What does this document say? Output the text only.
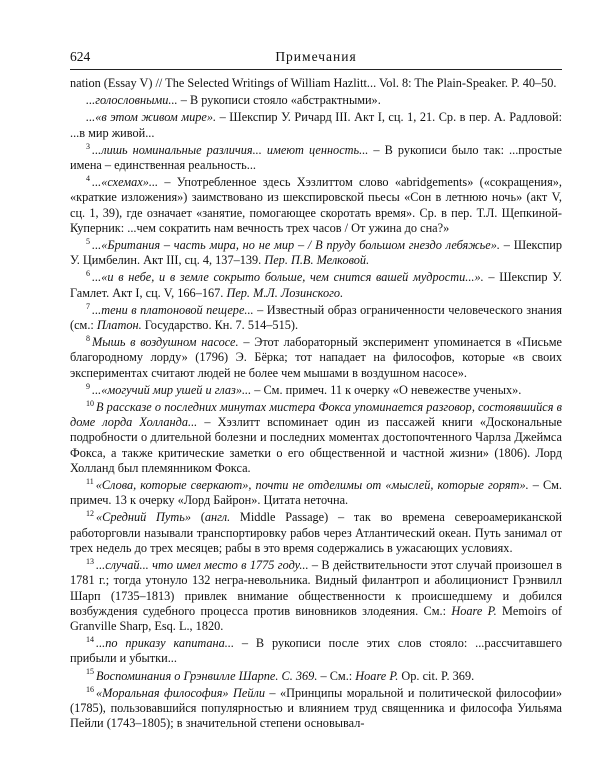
624	Примечания

nation (Essay V) // The Selected Writings of William Hazlitt... Vol. 8: The Plain-Speaker. P. 40–50.

...голословными... – В рукописи стояло «абстрактными».

...«в этом живом мире». – Шекспир У. Ричард III. Акт I, сц. 1, 21. Ср. в пер. А. Радловой: ...в мир живой...

$^3$ ...лишь номинальные различия... имеют ценность... – В рукописи было так: ...простые имена – единственная реальность...

$^4$ ...«схемах»... – Употребленное здесь Хэзлиттом слово «abridgements» («сокращения», «краткие изложения») заимствовано из шекспировской пьесы «Сон в летнюю ночь» (акт V, сц. 1, 39), где означает «занятие, помогающее скоротать время». Ср. в пер. Т.Л. Щепкиной-Куперник: ...чем сократить нам вечность трех часов / От ужина до сна?»

$^5$ ...«Британия – часть мира, но не мир – / В пруду большом гнездо лебяжье». – Шекспир У. Цимбелин. Акт III, сц. 4, 137–139. Пер. П.В. Мелковой.

$^6$ ...«и в небе, и в земле сокрыто больше, чем снится вашей мудрости...». – Шекспир У. Гамлет. Акт I, сц. V, 166–167. Пер. М.Л. Лозинского.

$^7$ ...тени в платоновой пещере... – Известный образ ограниченности человеческого знания (см.: Платон. Государство. Кн. 7. 514–515).

$^8$ Мышь в воздушном насосе. – Этот лабораторный эксперимент упоминается в «Письме благородному лорду» (1796) Э. Бёрка; тот нападает на философов, которые «в своих экспериментах считают людей не более чем мышами в воздушном насосе».

$^9$ ...«могучий мир ушей и глаз»... – См. примеч. 11 к очерку «О невежестве ученых».

$^{10}$ В рассказе о последних минутах мистера Фокса упоминается разговор, состоявшийся в доме лорда Холланда... – Хэзлитт вспоминает один из пассажей книги «Доскональные подробности о длительной болезни и последних моментах достопочтенного Чарлза Джеймса Фокса, а также критические заметки о его общественной и частной жизни» (1806). Лорд Холланд был племянником Фокса.

$^{11}$ «Слова, которые сверкают», почти не отделимы от «мыслей, которые горят». – См. примеч. 13 к очерку «Лорд Байрон». Цитата неточна.

$^{12}$ «Средний Путь» (англ. Middle Passage) – так во времена североамериканской работорговли называли транспортировку рабов через Атлантический океан. Путь занимал от трех недель до трех месяцев; рабы в это время содержались в ужасающих условиях.

$^{13}$ ...случай... что имел место в 1775 году... – В действительности этот случай произошел в 1781 г.; тогда утонуло 132 негра-невольника. Видный филантроп и аболиционист Грэнвилл Шарп (1735–1813) привлек внимание общественности к происшедшему и добился возбуждения судебного процесса против виновников злодеяния. См.: Hoare P. Memoirs of Granville Sharp, Esq. L., 1820.

$^{14}$ ...по приказу капитана... – В рукописи после этих слов стояло: ...рассчитавшего прибыли и убытки...

$^{15}$ Воспоминания о Грэнвилле Шарпе. С. 369. – См.: Hoare P. Op. cit. P. 369.

$^{16}$ «Моральная философия» Пейли – «Принципы моральной и политической философии» (1785), пользовавшийся популярностью и влиянием труд священника и философа Уильяма Пейли (1743–1805); в значительной степени основывал-
